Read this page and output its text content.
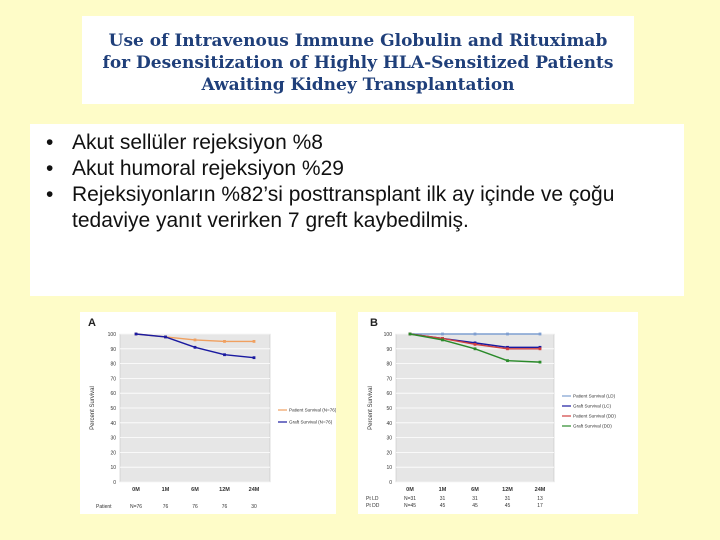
Use of Intravenous Immune Globulin and Rituximab
for Desensitization of Highly HLA-Sensitized Patients
Awaiting Kidney Transplantation
• Akut sellüler rejeksiyon %8
• Akut humoral rejeksiyon %29
• Rejeksiyonların %82’si posttransplant ilk ay içinde ve çoğu tedaviye yanıt verirken 7 greft kaybedilmiş.
A
0
10
20
30
40
50
60
70
80
90
100
0M	1M	6M	12M	24M
Percent Survival	Patient Survival (N=76)
Graft Survival (N=76)
Patient	N=76	76	76	76	30
B
0
10
20
30
40
50
60
70
80
90
100
0M	1M	6M	12M	24M
Percent Survival	Patient Survival (LD)
Graft Survival (LC)
Patient Survival (DD)
Graft Survival (DD)
Pt LD	N=31	31	31	31	13
Pt DD	N=45	45	45	45	17
